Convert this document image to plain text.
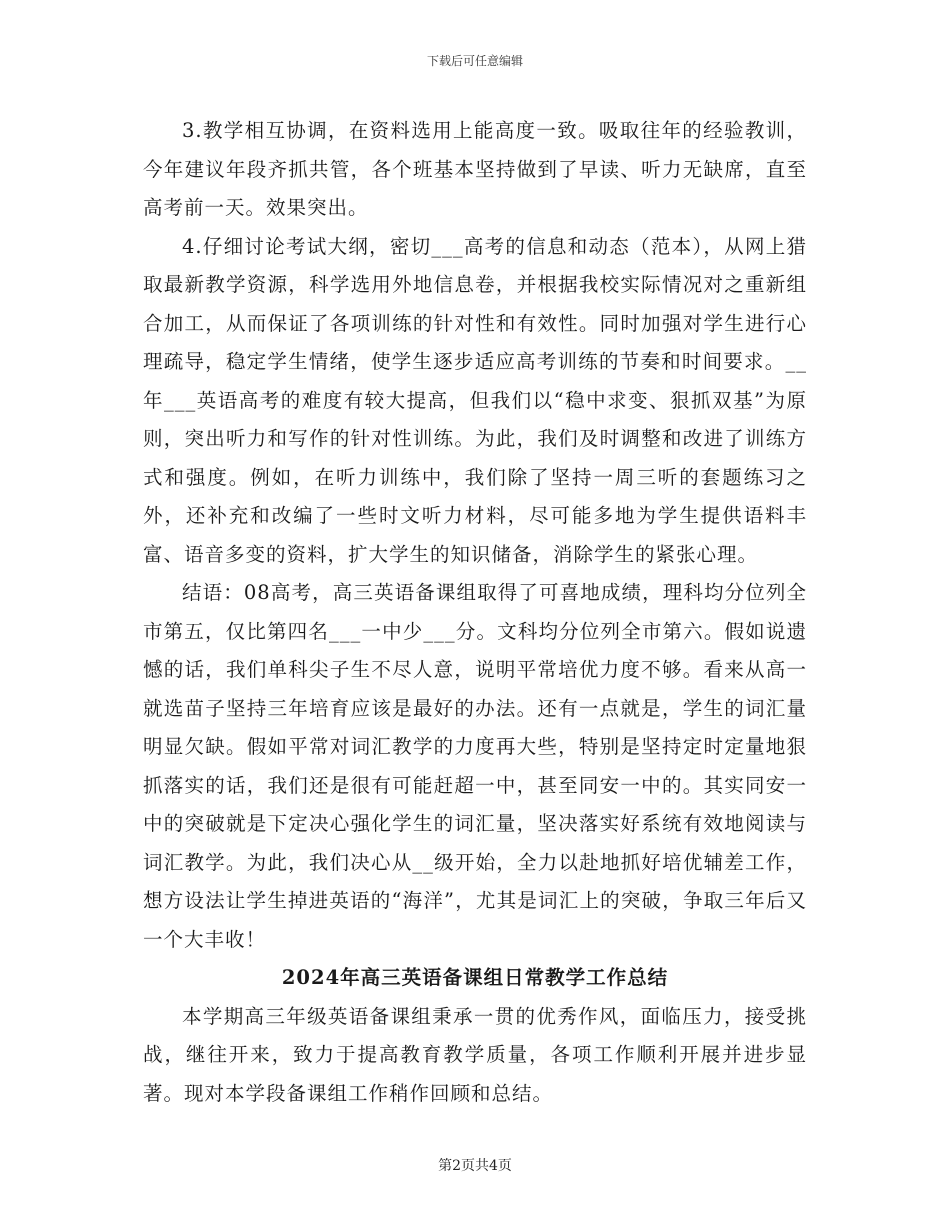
下载后可任意编辑

3.教学相互协调，在资料选用上能高度一致。吸取往年的经验教训，今年建议年段齐抓共管，各个班基本坚持做到了早读、听力无缺席，直至高考前一天。效果突出。

4.仔细讨论考试大纲，密切___高考的信息和动态（范本），从网上猎取最新教学资源，科学选用外地信息卷，并根据我校实际情况对之重新组合加工，从而保证了各项训练的针对性和有效性。同时加强对学生进行心理疏导，稳定学生情绪，使学生逐步适应高考训练的节奏和时间要求。__年___英语高考的难度有较大提高，但我们以“稳中求变、狠抓双基”为原则，突出听力和写作的针对性训练。为此，我们及时调整和改进了训练方式和强度。例如，在听力训练中，我们除了坚持一周三听的套题练习之外，还补充和改编了一些时文听力材料，尽可能多地为学生提供语料丰富、语音多变的资料，扩大学生的知识储备，消除学生的紧张心理。

结语：08高考，高三英语备课组取得了可喜地成绩，理科均分位列全市第五，仅比第四名___一中少___分。文科均分位列全市第六。假如说遗憾的话，我们单科尖子生不尽人意，说明平常培优力度不够。看来从高一就选苗子坚持三年培育应该是最好的办法。还有一点就是，学生的词汇量明显欠缺。假如平常对词汇教学的力度再大些，特别是坚持定时定量地狠抓落实的话，我们还是很有可能赶超一中，甚至同安一中的。其实同安一中的突破就是下定决心强化学生的词汇量，坚决落实好系统有效地阅读与词汇教学。为此，我们决心从__级开始，全力以赴地抓好培优辅差工作，想方设法让学生掉进英语的“海洋”，尤其是词汇上的突破，争取三年后又一个大丰收！

2024年高三英语备课组日常教学工作总结

本学期高三年级英语备课组秉承一贯的优秀作风，面临压力，接受挑战，继往开来，致力于提高教育教学质量，各项工作顺利开展并进步显著。现对本学段备课组工作稍作回顾和总结。

第2页共4页
